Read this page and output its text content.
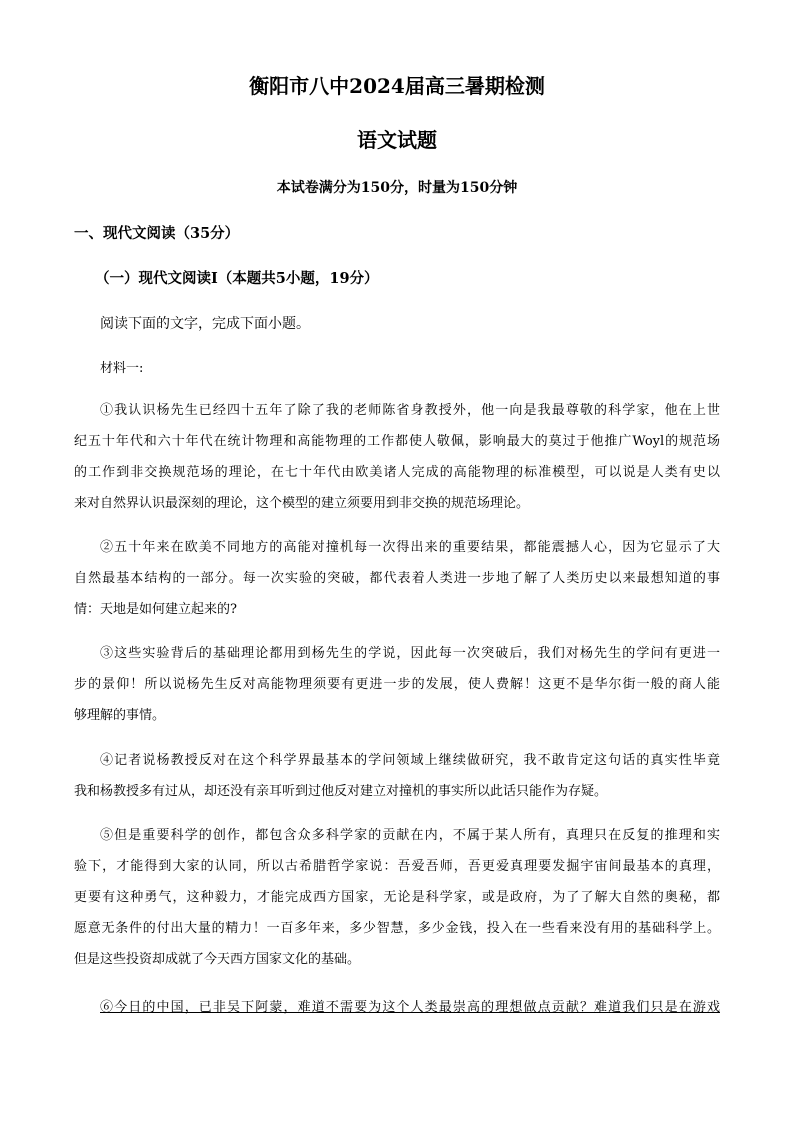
衡阳市八中2024届高三暑期检测
语文试题
本试卷满分为150分，时量为150分钟
一、现代文阅读（35分）
（一）现代文阅读Ⅰ（本题共5小题，19分）
阅读下面的文字，完成下面小题。
材料一:
①我认识杨先生已经四十五年了除了我的老师陈省身教授外，他一向是我最尊敬的科学家，他在上世
纪五十年代和六十年代在统计物理和高能物理的工作都使人敬佩，影响最大的莫过于他推广Woyl的规范场
的工作到非交换规范场的理论，在七十年代由欧美诸人完成的高能物理的标准模型，可以说是人类有史以
来对自然界认识最深刻的理论，这个模型的建立须要用到非交换的规范场理论。
②五十年来在欧美不同地方的高能对撞机每一次得出来的重要结果，都能震撼人心，因为它显示了大
自然最基本结构的一部分。每一次实验的突破，都代表着人类进一步地了解了人类历史以来最想知道的事
情：天地是如何建立起来的?
③这些实验背后的基础理论都用到杨先生的学说，因此每一次突破后，我们对杨先生的学问有更进一
步的景仰！所以说杨先生反对高能物理须要有更进一步的发展，使人费解！这更不是华尔街一般的商人能
够理解的事情。
④记者说杨教授反对在这个科学界最基本的学问领域上继续做研究，我不敢肯定这句话的真实性毕竟
我和杨教授多有过从，却还没有亲耳听到过他反对建立对撞机的事实所以此话只能作为存疑。
⑤但是重要科学的创作，都包含众多科学家的贡献在内，不属于某人所有，真理只在反复的推理和实
验下，才能得到大家的认同，所以古希腊哲学家说：吾爱吾师，吾更爱真理要发掘宇宙间最基本的真理，
更要有这种勇气，这种毅力，才能完成西方国家，无论是科学家，或是政府，为了了解大自然的奥秘，都
愿意无条件的付出大量的精力！一百多年来，多少智慧，多少金钱，投入在一些看来没有用的基础科学上。
但是这些投资却成就了今天西方国家文化的基础。
⑥今日的中国，已非吴下阿蒙，难道不需要为这个人类最崇高的理想做点贡献？难道我们只是在游戏
